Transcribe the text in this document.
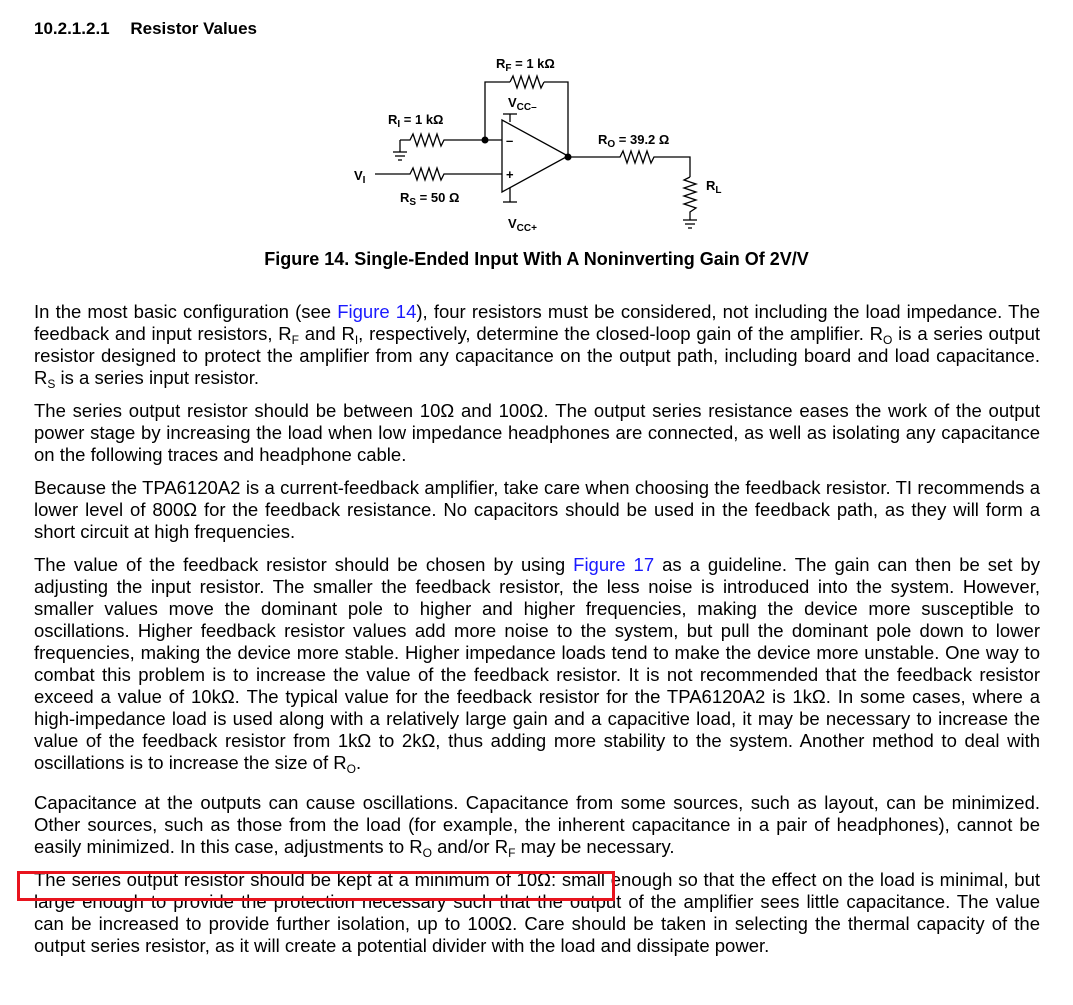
10.2.1.2.1 Resistor Values
–
+
$R_F = 1$ kΩ
$V_{CC-}$
$R_I = 1$ kΩ
$R_O = 39.2$ Ω
$V_I$
$R_S = 50$ Ω
$R_L$
$V_{CC+}$
Figure 14. Single-Ended Input With A Noninverting Gain Of 2V/V

In the most basic configuration (see Figure 14), four resistors must be considered, not including the load impedance. The feedback and input resistors, $R_F$ and $R_I$, respectively, determine the closed-loop gain of the amplifier. $R_O$ is a series output resistor designed to protect the amplifier from any capacitance on the output path, including board and load capacitance. $R_S$ is a series input resistor.

The series output resistor should be between 10Ω and 100Ω. The output series resistance eases the work of the output power stage by increasing the load when low impedance headphones are connected, as well as isolating any capacitance on the following traces and headphone cable.

Because the TPA6120A2 is a current-feedback amplifier, take care when choosing the feedback resistor. TI recommends a lower level of 800Ω for the feedback resistance. No capacitors should be used in the feedback path, as they will form a short circuit at high frequencies.

The value of the feedback resistor should be chosen by using Figure 17 as a guideline. The gain can then be set by adjusting the input resistor. The smaller the feedback resistor, the less noise is introduced into the system. However, smaller values move the dominant pole to higher and higher frequencies, making the device more susceptible to oscillations. Higher feedback resistor values add more noise to the system, but pull the dominant pole down to lower frequencies, making the device more stable. Higher impedance loads tend to make the device more unstable. One way to combat this problem is to increase the value of the feedback resistor. It is not recommended that the feedback resistor exceed a value of 10kΩ. The typical value for the feedback resistor for the TPA6120A2 is 1kΩ. In some cases, where a high-impedance load is used along with a relatively large gain and a capacitive load, it may be necessary to increase the value of the feedback resistor from 1kΩ to 2kΩ, thus adding more stability to the system. Another method to deal with oscillations is to increase the size of $R_O$.

Capacitance at the outputs can cause oscillations. Capacitance from some sources, such as layout, can be minimized. Other sources, such as those from the load (for example, the inherent capacitance in a pair of headphones), cannot be easily minimized. In this case, adjustments to $R_O$ and/or $R_F$ may be necessary.

The series output resistor should be kept at a minimum of 10Ω: small enough so that the effect on the load is minimal, but large enough to provide the protection necessary such that the output of the amplifier sees little capacitance. The value can be increased to provide further isolation, up to 100Ω. Care should be taken in selecting the thermal capacity of the output series resistor, as it will create a potential divider with the load and dissipate power.
